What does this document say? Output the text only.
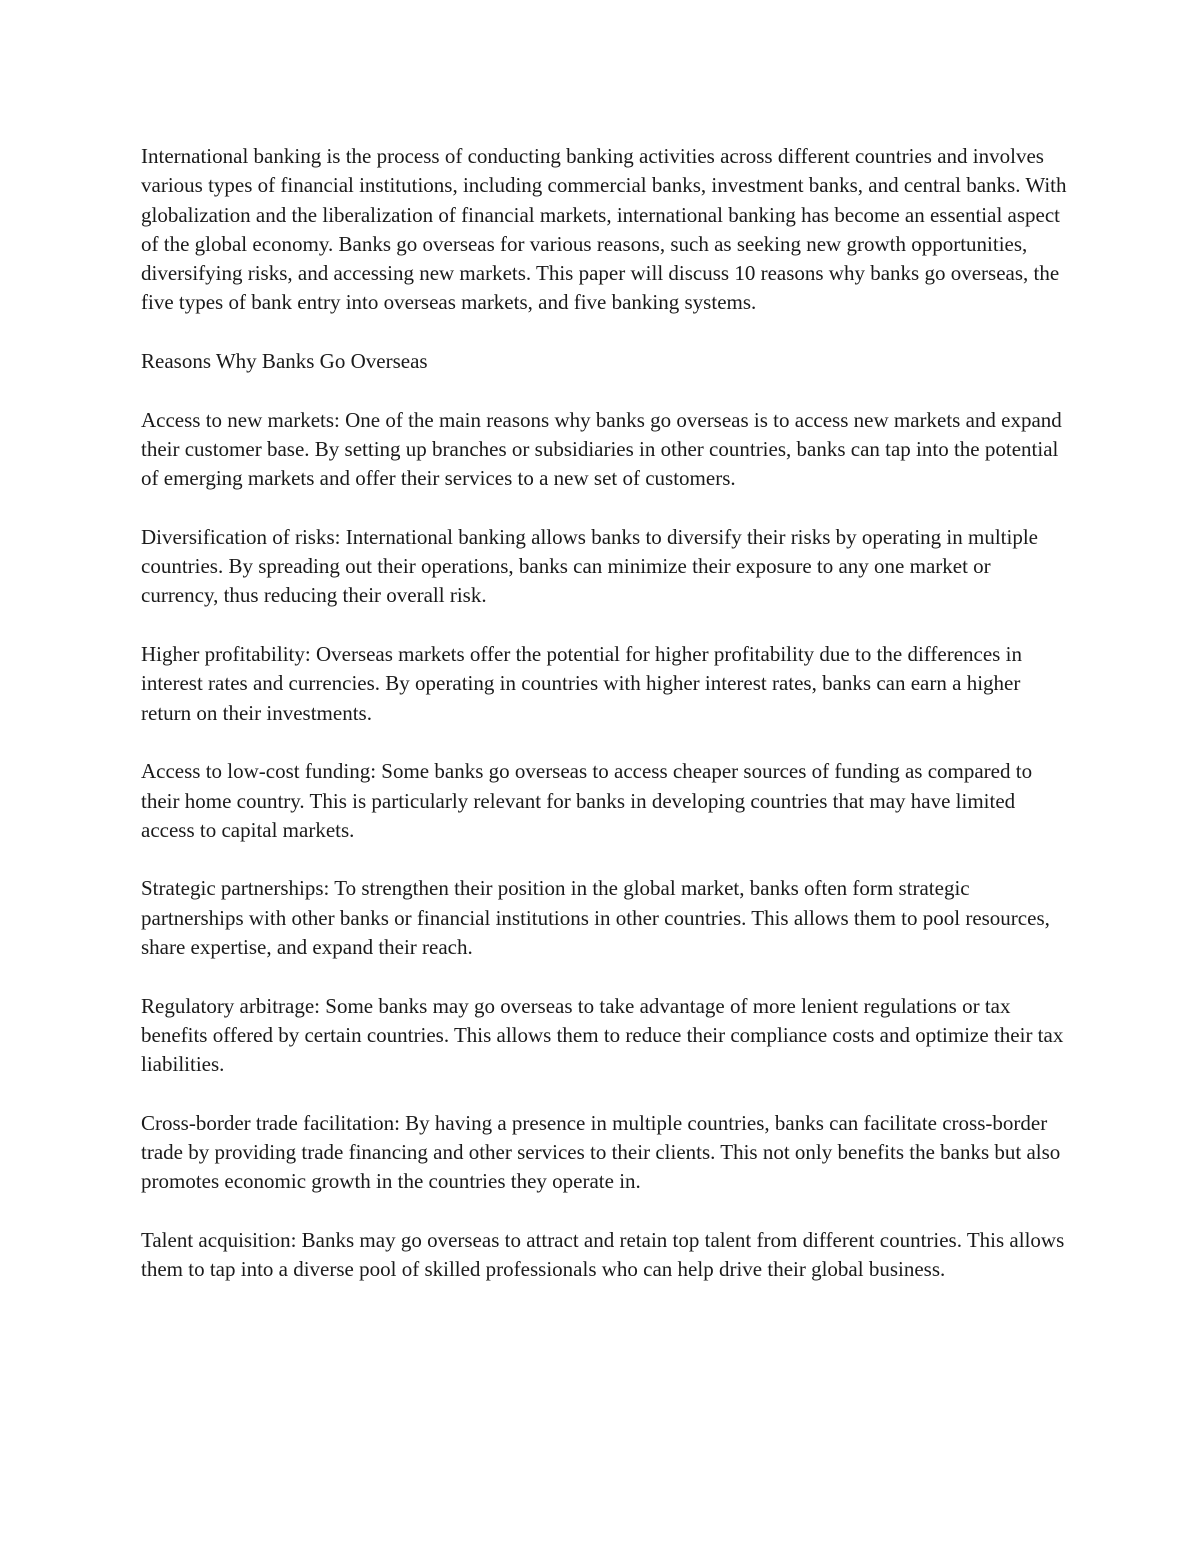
International banking is the process of conducting banking activities across different countries and involves various types of financial institutions, including commercial banks, investment banks, and central banks. With globalization and the liberalization of financial markets, international banking has become an essential aspect of the global economy. Banks go overseas for various reasons, such as seeking new growth opportunities, diversifying risks, and accessing new markets. This paper will discuss 10 reasons why banks go overseas, the five types of bank entry into overseas markets, and five banking systems.

Reasons Why Banks Go Overseas

Access to new markets: One of the main reasons why banks go overseas is to access new markets and expand their customer base. By setting up branches or subsidiaries in other countries, banks can tap into the potential of emerging markets and offer their services to a new set of customers.

Diversification of risks: International banking allows banks to diversify their risks by operating in multiple countries. By spreading out their operations, banks can minimize their exposure to any one market or currency, thus reducing their overall risk.

Higher profitability: Overseas markets offer the potential for higher profitability due to the differences in interest rates and currencies. By operating in countries with higher interest rates, banks can earn a higher return on their investments.

Access to low-cost funding: Some banks go overseas to access cheaper sources of funding as compared to their home country. This is particularly relevant for banks in developing countries that may have limited access to capital markets.

Strategic partnerships: To strengthen their position in the global market, banks often form strategic partnerships with other banks or financial institutions in other countries. This allows them to pool resources, share expertise, and expand their reach.

Regulatory arbitrage: Some banks may go overseas to take advantage of more lenient regulations or tax benefits offered by certain countries. This allows them to reduce their compliance costs and optimize their tax liabilities.

Cross-border trade facilitation: By having a presence in multiple countries, banks can facilitate cross-border trade by providing trade financing and other services to their clients. This not only benefits the banks but also promotes economic growth in the countries they operate in.

Talent acquisition: Banks may go overseas to attract and retain top talent from different countries. This allows them to tap into a diverse pool of skilled professionals who can help drive their global business.
